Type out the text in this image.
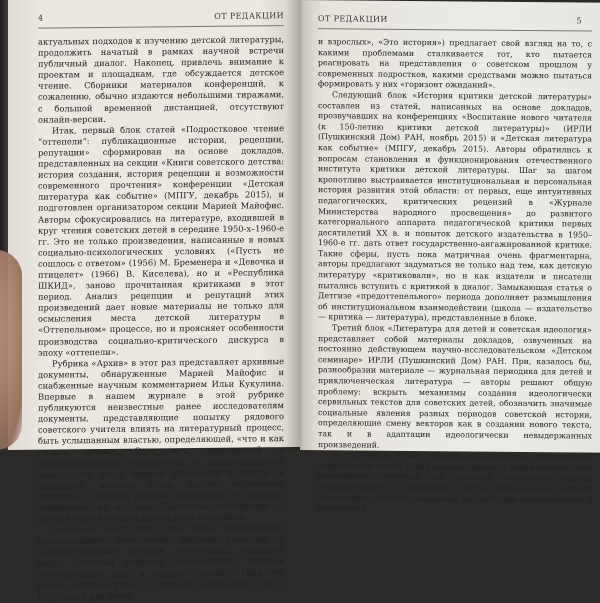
4	ОТ РЕДАКЦИИ

актуальных подходов к изучению детской литературы, продолжить начатый в рамках научной встречи публичный диалог. Накопец, привлечь внимание к проектам и площадкам, где обсуждается детское чтение. Сборники материалов конференций, к сожалению, обычно издаются небольшими тиражами, с большой временной дистанцией, отсутствуют онлайн-версии.

Итак, первый блок статей «Подростковое чтение “оттепели”: публикационные истории, рецепции, репутации» сформирован на основе докладов, представленных на секции «Книги советского детства: история создания, история рецепции и возможности современного прочтения» конференции «Детская литература как событие» (МПГУ, декабрь 2015), и подготовлен организатором секции Марией Майофис. Авторы сфокусировались на литературе, входившей в круг чтения советских детей в середине 1950-х–1960-е гг. Это не только произведения, написанные в новых социально-психологических условиях («Пусть не сошлось с ответом» (1956) М. Бременера и «Девочка и птицелет» (1966) В. Киселева), но и «Республика ШКИД», заново прочитанная критиками в этот период. Анализ рецепции и репутаций этих произведений дает новые материалы не только для осмысления места детской литературы в «Оттепельном» процессе, но и проясняет особенности производства социально-критического дискурса в эпоху «оттепели».

Рубрика «Архив» в этот раз представляет архивные документы, обнаруженные Марией Майофис и снабженные научным комментарием Ильи Кукулина. Впервые в нашем журнале в этой рубрике публикуются неизвестные ранее исследователям документы, представляющие попытку рядового советского учителя влиять на литературный процесс, быть услышанным властью, определяющей, «что и как читать детям». Этот акт гражданской и профессиональной экспертизы — примечательный знак эпохи, когда прямые обращения к власти (в частности, письма) стали частью публичного дискурса. В области детской литературы это явление совершенно не изучено. Настоящая публикация — первый опыт изучения такого рода материала.

Замыкает этот блок эссе Ильи Бернштейна, продолжающее осмысление проблем рецепции и комментирования детской литературы советской поры. Опытный издатель (руководитель издания «оттепельных» книг в сериях «Руслит», «Как это было», «Родная речь», «Собрание сочинений», «А и Б», «Книги для детей

ОТ РЕДАКЦИИ	5

и взрослых», «Это история») предлагает свой взгляд на то, с какими проблемами сталкивается тот, кто пытается реагировать на представления о советском прошлом у современных подростков, какими средствами можно пытаться формировать у них «горизонт ожиданий».

Следующий блок «История критики детской литературы» составлен из статей, написанных на основе докладов, прозвучавших на конференциях «Воспитание нового читателя (к 150-летию критики детской литературы)» (ИРЛИ (Пушкинский Дом) РАН, ноябрь 2015) и «Детская литература как событие» (МПГУ, декабрь 2015). Авторы обратились к вопросам становления и функционирования отечественного института критики детской литературы. Шаг за шагом кропотливо выстраивается институциональная и персональная история развития этой области: от первых, еще интуитивных педагогических, критических рецензий в «Журнале Министерства народного просвещения» до развитого категориального аппарата педагогической критики первых десятилетий XX в. и попыток детского издательства в 1950–1960-е гг. дать ответ государственно-ангажированной критике. Такие сферы, пусть пока матричная очень фрагментарна, авторы предлагают задуматься не только над тем, как детскую литературу «критиковали», но и как издатели и писатели пытались вступить с критикой в диалог. Замыкающая статья о Детгизе «предоттепельного» периода дополняет размышления об институциональном взаимодействии (школа — издательство — критика — литература), представленные в блоке.

Третий блок «Литература для детей и советская идеология» представляет собой материалы докладов, озвученных на постоянно действующем научно-исследовательском «Детском семинаре» ИРЛИ (Пушкинский Дом) РАН. При, казалось бы, разнообразии материале — журнальная периодика для детей и приключенческая литература — авторы решают общую проблему: вскрыть механизмы создания идеологически сервильных текстов для советских детей, обозначить значимые социальные явления разных периодов советской истории, определяющие смену векторов как в создании нового текста, так и в адаптации идеологически невыдержанных произведений.

В последнем блоке собраны исследования, посвященные современной прозе. В них рассматриваются такие аспекты, как возможности перевода для создания переводного текста, специфические и уникальные черты региональной детской литературы, проблемы жанровой дистрибуции применительно к визуальной
